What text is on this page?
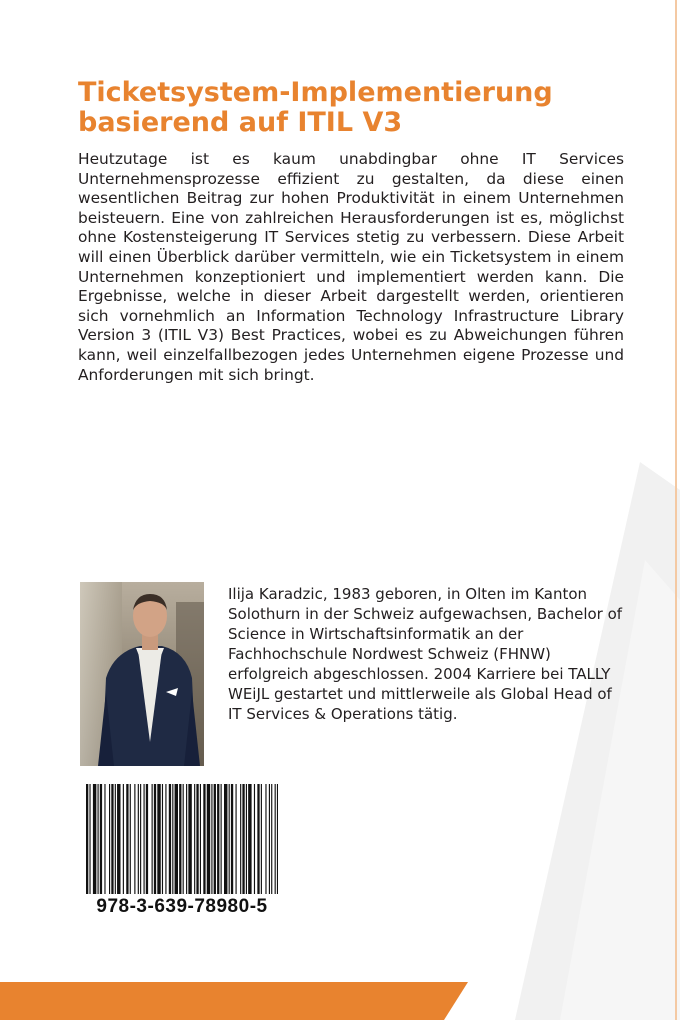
Ticketsystem-Implementierung basierend auf ITIL V3

Heutzutage ist es kaum unabdingbar ohne IT Services Unternehmensprozesse effizient zu gestalten, da diese einen wesentlichen Beitrag zur hohen Produktivität in einem Unternehmen beisteuern. Eine von zahlreichen Herausforderungen ist es, möglichst ohne Kostensteigerung IT Services stetig zu verbessern. Diese Arbeit will einen Überblick darüber vermitteln, wie ein Ticketsystem in einem Unternehmen konzeptioniert und implementiert werden kann. Die Ergebnisse, welche in dieser Arbeit dargestellt werden, orientieren sich vornehmlich an Information Technology Infrastructure Library Version 3 (ITIL V3) Best Practices, wobei es zu Abweichungen führen kann, weil einzelfallbezogen jedes Unternehmen eigene Prozesse und Anforderungen mit sich bringt.

Ilija Karadzic, 1983 geboren, in Olten im Kanton Solothurn in der Schweiz aufgewachsen, Bachelor of Science in Wirtschaftsinformatik an der Fachhochschule Nordwest Schweiz (FHNW) erfolgreich abgeschlossen. 2004 Karriere bei TALLY WEiJL gestartet und mittlerweile als Global Head of IT Services & Operations tätig.

978-3-639-78980-5
